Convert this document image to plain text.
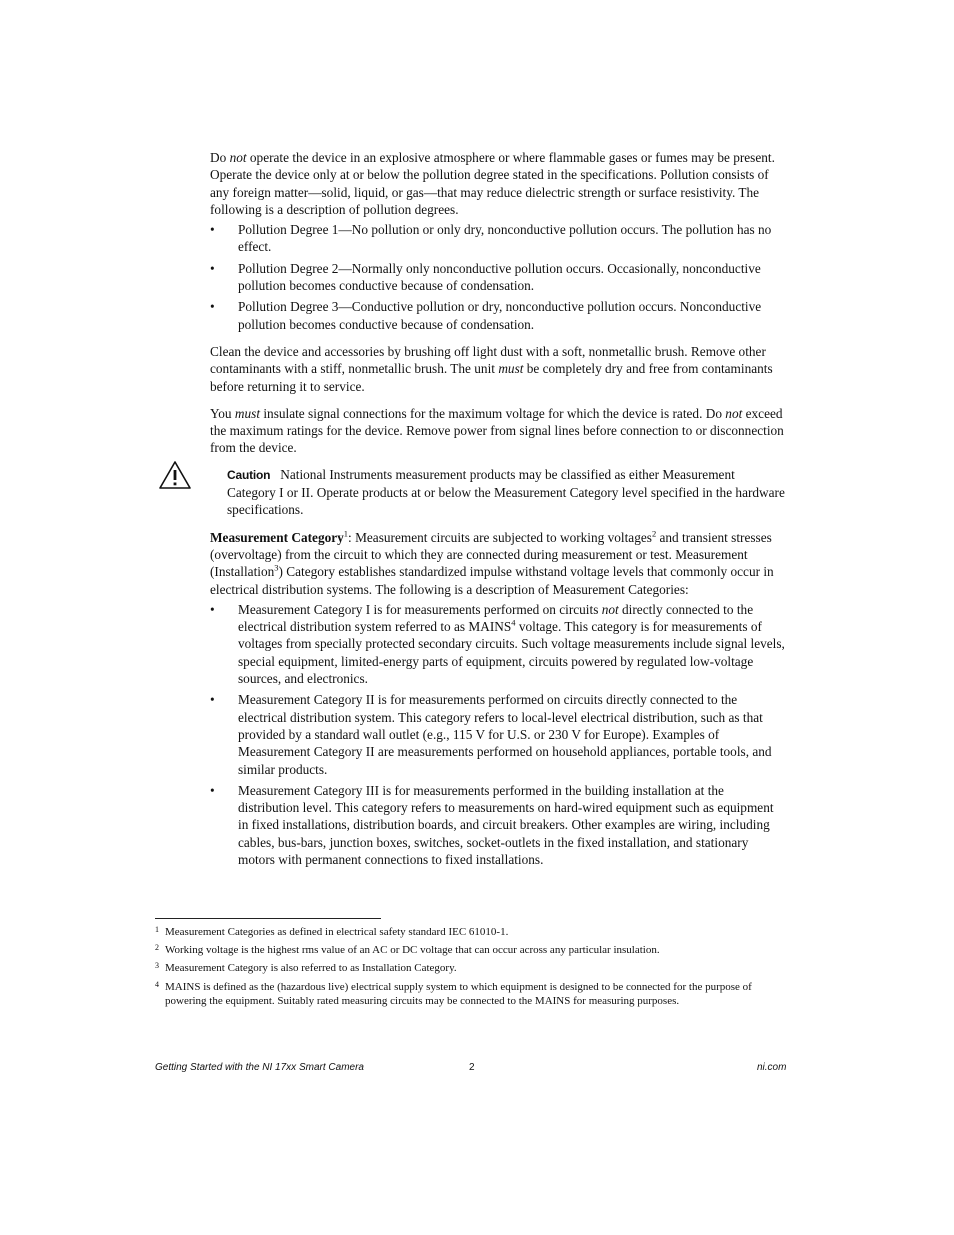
Do not operate the device in an explosive atmosphere or where flammable gases or fumes may be present. Operate the device only at or below the pollution degree stated in the specifications. Pollution consists of any foreign matter—solid, liquid, or gas—that may reduce dielectric strength or surface resistivity. The following is a description of pollution degrees.

• Pollution Degree 1—No pollution or only dry, nonconductive pollution occurs. The pollution has no effect.
• Pollution Degree 2—Normally only nonconductive pollution occurs. Occasionally, nonconductive pollution becomes conductive because of condensation.
• Pollution Degree 3—Conductive pollution or dry, nonconductive pollution occurs. Nonconductive pollution becomes conductive because of condensation.

Clean the device and accessories by brushing off light dust with a soft, nonmetallic brush. Remove other contaminants with a stiff, nonmetallic brush. The unit must be completely dry and free from contaminants before returning it to service.

You must insulate signal connections for the maximum voltage for which the device is rated. Do not exceed the maximum ratings for the device. Remove power from signal lines before connection to or disconnection from the device.

Caution National Instruments measurement products may be classified as either Measurement Category I or II. Operate products at or below the Measurement Category level specified in the hardware specifications.

Measurement Category$^1$: Measurement circuits are subjected to working voltages$^2$ and transient stresses (overvoltage) from the circuit to which they are connected during measurement or test. Measurement (Installation$^3$) Category establishes standardized impulse withstand voltage levels that commonly occur in electrical distribution systems. The following is a description of Measurement Categories:

• Measurement Category I is for measurements performed on circuits not directly connected to the electrical distribution system referred to as MAINS$^4$ voltage. This category is for measurements of voltages from specially protected secondary circuits. Such voltage measurements include signal levels, special equipment, limited-energy parts of equipment, circuits powered by regulated low-voltage sources, and electronics.
• Measurement Category II is for measurements performed on circuits directly connected to the electrical distribution system. This category refers to local-level electrical distribution, such as that provided by a standard wall outlet (e.g., 115 V for U.S. or 230 V for Europe). Examples of Measurement Category II are measurements performed on household appliances, portable tools, and similar products.
• Measurement Category III is for measurements performed in the building installation at the distribution level. This category refers to measurements on hard-wired equipment such as equipment in fixed installations, distribution boards, and circuit breakers. Other examples are wiring, including cables, bus-bars, junction boxes, switches, socket-outlets in the fixed installation, and stationary motors with permanent connections to fixed installations.
1 Measurement Categories as defined in electrical safety standard IEC 61010-1.
2 Working voltage is the highest rms value of an AC or DC voltage that can occur across any particular insulation.
3 Measurement Category is also referred to as Installation Category.
4 MAINS is defined as the (hazardous live) electrical supply system to which equipment is designed to be connected for the purpose of powering the equipment. Suitably rated measuring circuits may be connected to the MAINS for measuring purposes.
Getting Started with the NI 17xx Smart Camera	2	ni.com
